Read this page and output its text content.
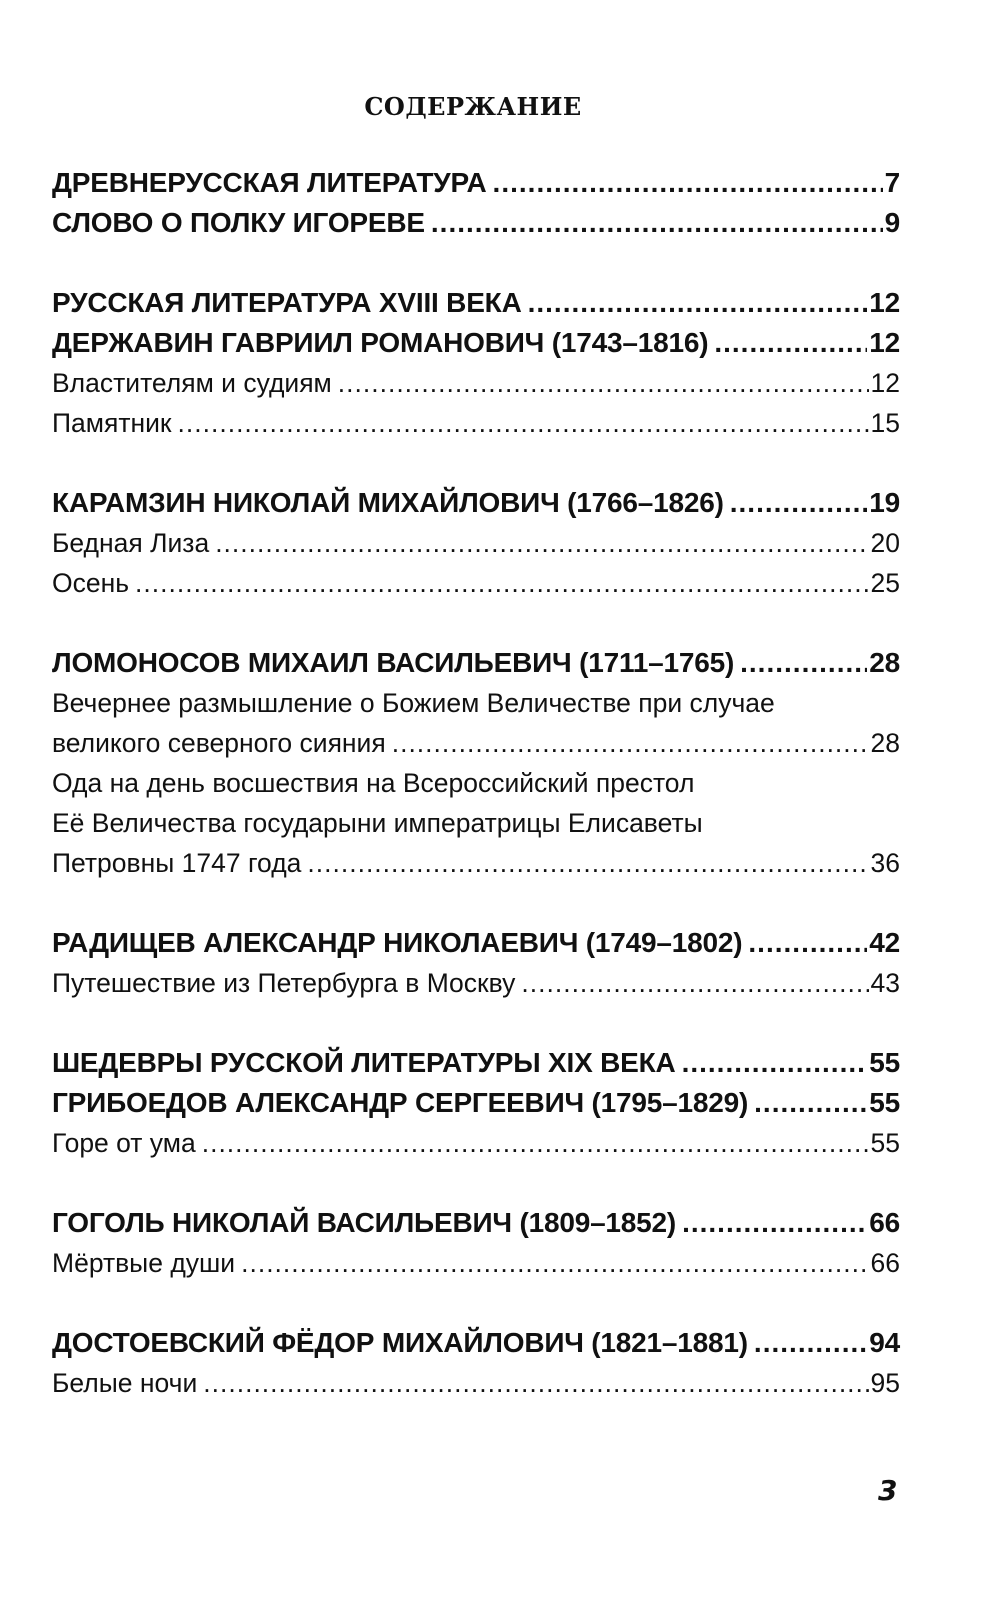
СОДЕРЖАНИЕ
ДРЕВНЕРУССКАЯ ЛИТЕРАТУРА .....	7
СЛОВО О ПОЛКУ ИГОРЕВЕ .....	9
РУССКАЯ ЛИТЕРАТУРА XVIII ВЕКА .....	12
ДЕРЖАВИН ГАВРИИЛ РОМАНОВИЧ (1743–1816) .....	12
Властителям и судиям .....	12
Памятник .....	15
КАРАМЗИН НИКОЛАЙ МИХАЙЛОВИЧ (1766–1826) .....	19
Бедная Лиза .....	20
Осень .....	25
ЛОМОНОСОВ МИХАИЛ ВАСИЛЬЕВИЧ (1711–1765) .....	28
Вечернее размышление о Божием Величестве при случае
великого северного сияния .....	28
Ода на день восшествия на Всероссийский престол
Её Величества государыни императрицы Елисаветы
Петровны 1747 года .....	36
РАДИЩЕВ АЛЕКСАНДР НИКОЛАЕВИЧ (1749–1802) .....	42
Путешествие из Петербурга в Москву .....	43
ШЕДЕВРЫ РУССКОЙ ЛИТЕРАТУРЫ XIX ВЕКА .....	55
ГРИБОЕДОВ АЛЕКСАНДР СЕРГЕЕВИЧ (1795–1829) .....	55
Горе от ума .....	55
ГОГОЛЬ НИКОЛАЙ ВАСИЛЬЕВИЧ (1809–1852) .....	66
Мёртвые души .....	66
ДОСТОЕВСКИЙ ФЁДОР МИХАЙЛОВИЧ (1821–1881) .....	94
Белые ночи .....	95
3
